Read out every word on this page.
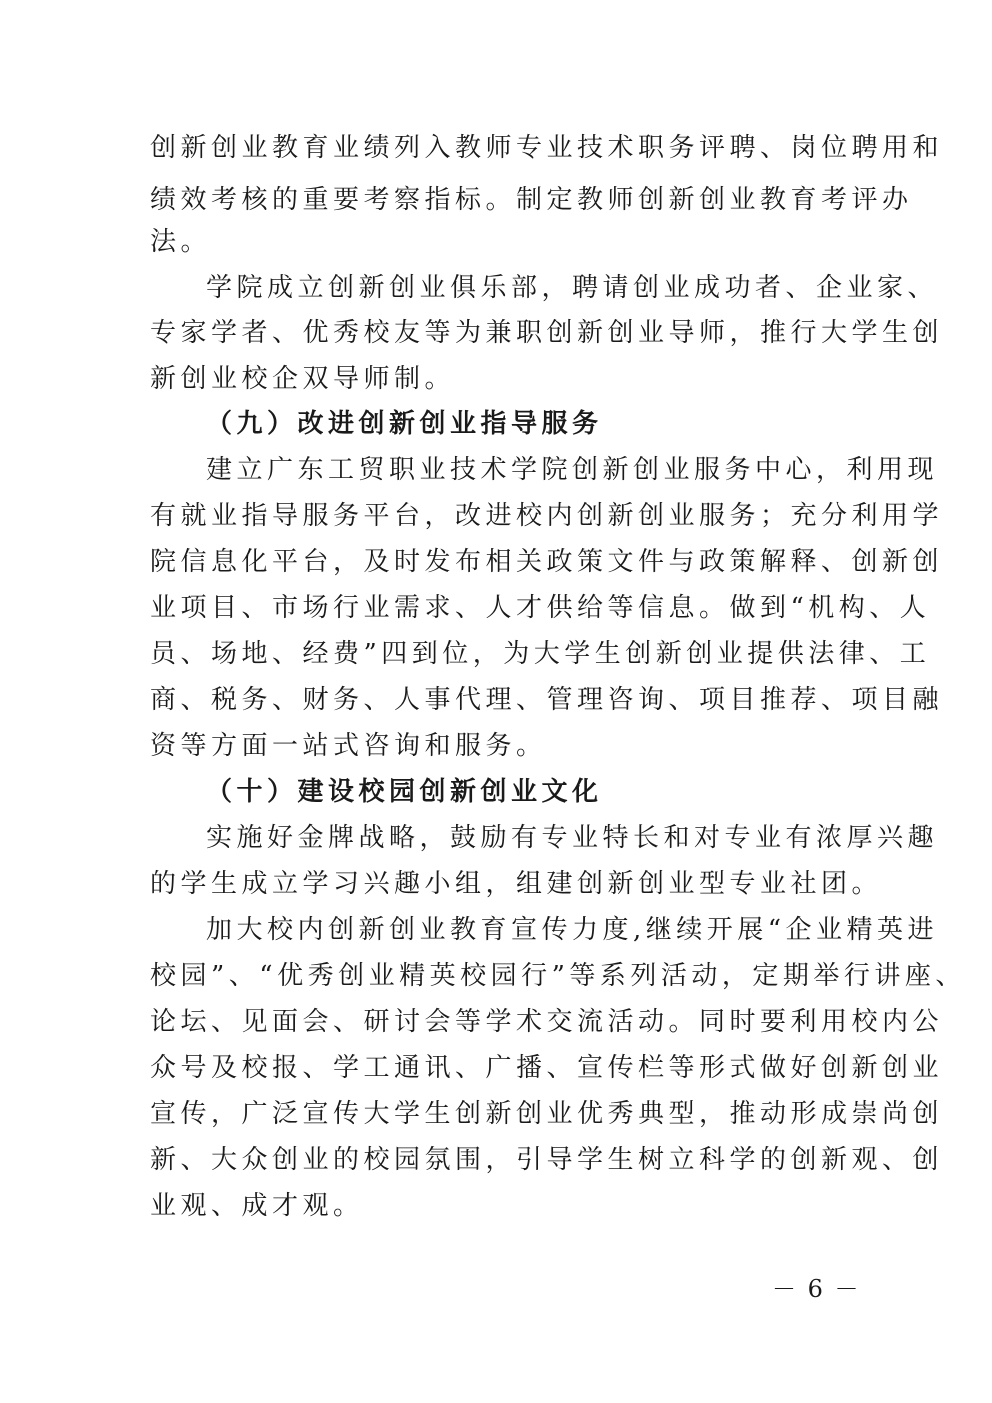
创新创业教育业绩列入教师专业技术职务评聘、岗位聘用和
绩效考核的重要考察指标。制定教师创新创业教育考评办
法。
学院成立创新创业俱乐部，聘请创业成功者、企业家、
专家学者、优秀校友等为兼职创新创业导师，推行大学生创
新创业校企双导师制。
（九）改进创新创业指导服务
建立广东工贸职业技术学院创新创业服务中心，利用现
有就业指导服务平台，改进校内创新创业服务；充分利用学
院信息化平台，及时发布相关政策文件与政策解释、创新创
业项目、市场行业需求、人才供给等信息。做到“机构、人
员、场地、经费”四到位，为大学生创新创业提供法律、工
商、税务、财务、人事代理、管理咨询、项目推荐、项目融
资等方面一站式咨询和服务。
（十）建设校园创新创业文化
实施好金牌战略，鼓励有专业特长和对专业有浓厚兴趣
的学生成立学习兴趣小组，组建创新创业型专业社团。
加大校内创新创业教育宣传力度,继续开展“企业精英进
校园”、“优秀创业精英校园行”等系列活动，定期举行讲座、
论坛、见面会、研讨会等学术交流活动。同时要利用校内公
众号及校报、学工通讯、广播、宣传栏等形式做好创新创业
宣传，广泛宣传大学生创新创业优秀典型，推动形成崇尚创
新、大众创业的校园氛围，引导学生树立科学的创新观、创
业观、成才观。
－ 6 －
